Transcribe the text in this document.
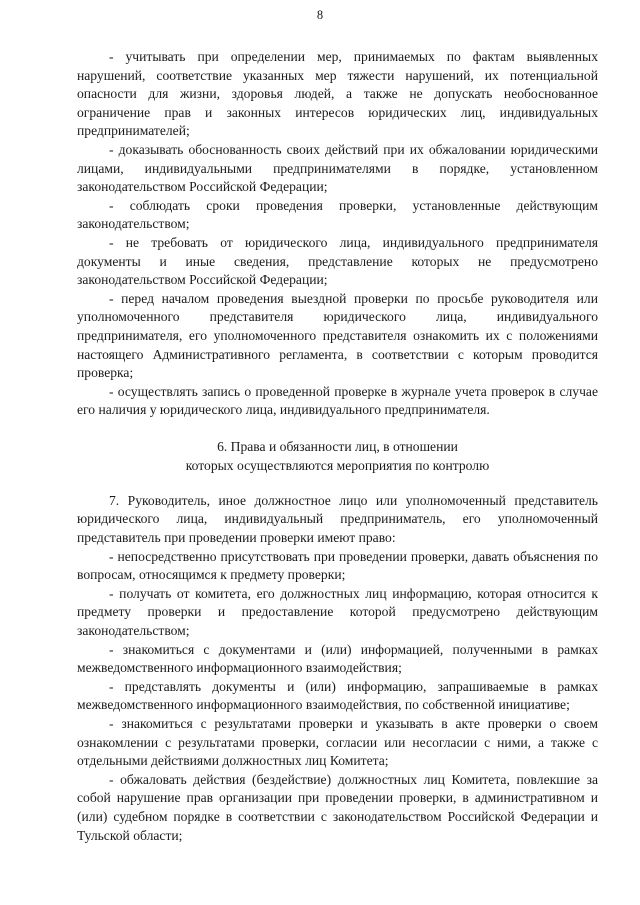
8

- учитывать при определении мер, принимаемых по фактам выявленных нарушений, соответствие указанных мер тяжести нарушений, их потенциальной опасности для жизни, здоровья людей, а также не допускать необоснованное ограничение прав и законных интересов юридических лиц, индивидуальных предпринимателей;

- доказывать обоснованность своих действий при их обжаловании юридическими лицами, индивидуальными предпринимателями в порядке, установленном законодательством Российской Федерации;

- соблюдать сроки проведения проверки, установленные действующим законодательством;

- не требовать от юридического лица, индивидуального предпринимателя документы и иные сведения, представление которых не предусмотрено законодательством Российской Федерации;

- перед началом проведения выездной проверки по просьбе руководителя или уполномоченного представителя юридического лица, индивидуального предпринимателя, его уполномоченного представителя ознакомить их с положениями настоящего Административного регламента, в соответствии с которым проводится проверка;

- осуществлять запись о проведенной проверке в журнале учета проверок в случае его наличия у юридического лица, индивидуального предпринимателя.

6. Права и обязанности лиц, в отношении
которых осуществляются мероприятия по контролю

7. Руководитель, иное должностное лицо или уполномоченный представитель юридического лица, индивидуальный предприниматель, его уполномоченный представитель при проведении проверки имеют право:

- непосредственно присутствовать при проведении проверки, давать объяснения по вопросам, относящимся к предмету проверки;

- получать от комитета, его должностных лиц информацию, которая относится к предмету проверки и предоставление которой предусмотрено действующим законодательством;

- знакомиться с документами и (или) информацией, полученными в рамках межведомственного информационного взаимодействия;

- представлять документы и (или) информацию, запрашиваемые в рамках межведомственного информационного взаимодействия, по собственной инициативе;

- знакомиться с результатами проверки и указывать в акте проверки о своем ознакомлении с результатами проверки, согласии или несогласии с ними, а также с отдельными действиями должностных лиц Комитета;

- обжаловать действия (бездействие) должностных лиц Комитета, повлекшие за собой нарушение прав организации при проведении проверки, в административном и (или) судебном порядке в соответствии с законодательством Российской Федерации и Тульской области;
